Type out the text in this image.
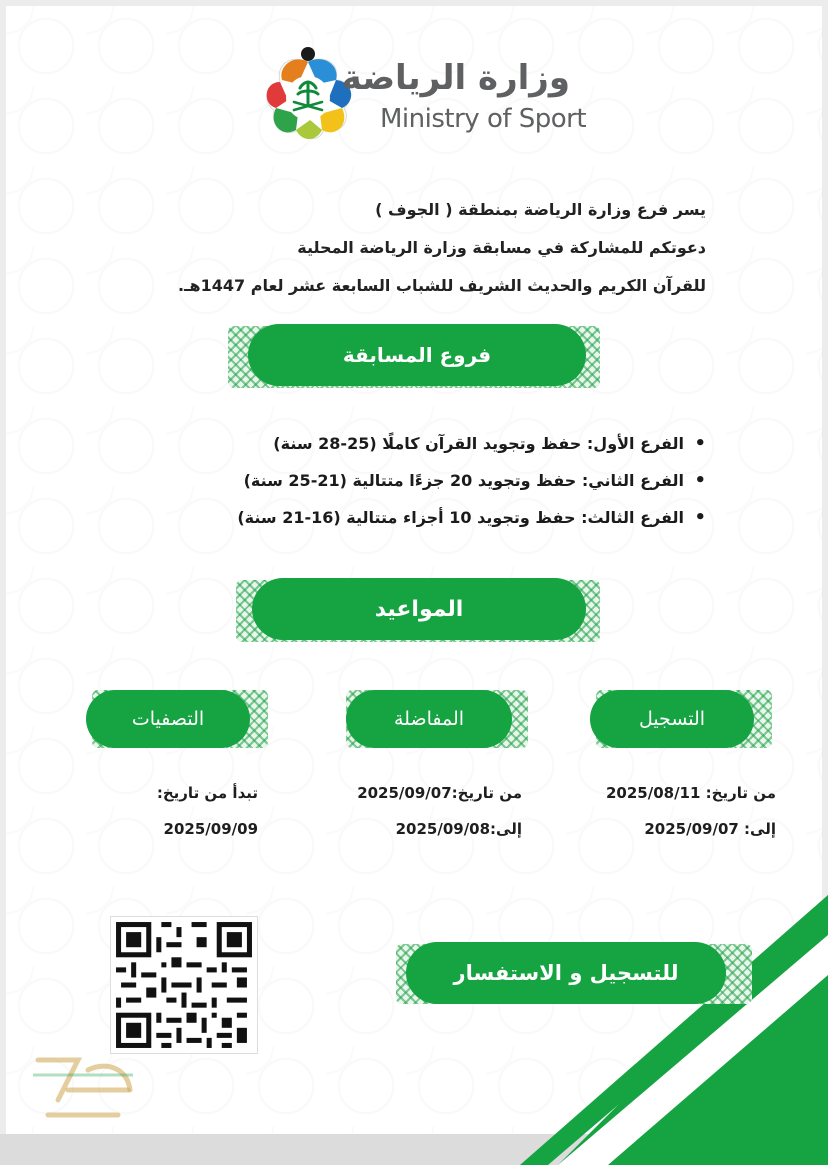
وزارة الرياضة
Ministry of Sport

يسر فرع وزارة الرياضة بمنطقة ( الجوف )

دعوتكم للمشاركة في مسابقة وزارة الرياضة المحلية

للقرآن الكريم والحديث الشريف للشباب السابعة عشر لعام 1447هـ.

فروع المسابقة
• الفرع الأول: حفظ وتجويد القرآن كاملًا (25-28 سنة)
• الفرع الثاني: حفظ وتجويد 20 جزءًا متتالية (21-25 سنة)
• الفرع الثالث: حفظ وتجويد 10 أجزاء متتالية (16-21 سنة)
المواعيد
التسجيل
المفاضلة
التصفيات
من تاريخ: 2025/08/11
إلى: 2025/09/07
من تاريخ:2025/09/07
إلى:2025/09/08
تبدأ من تاريخ:
2025/09/09
للتسجيل و الاستفسار
